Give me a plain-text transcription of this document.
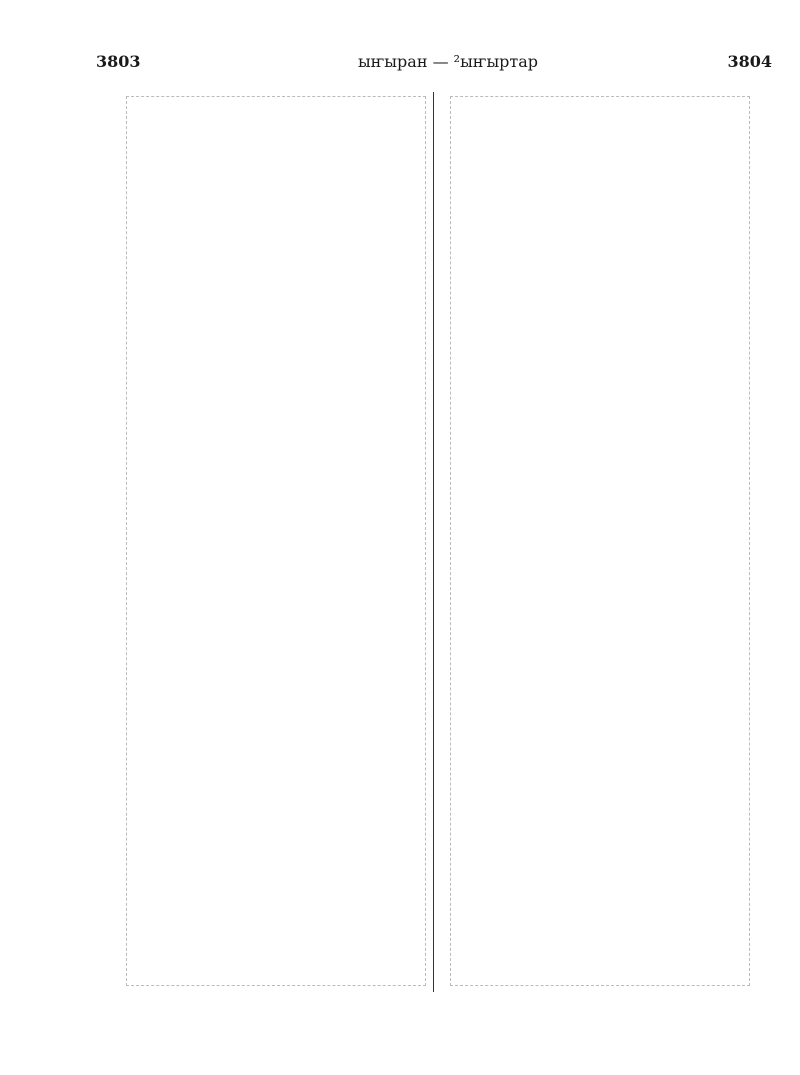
3803	ыҥыран — ²ыҥыртар	3804
